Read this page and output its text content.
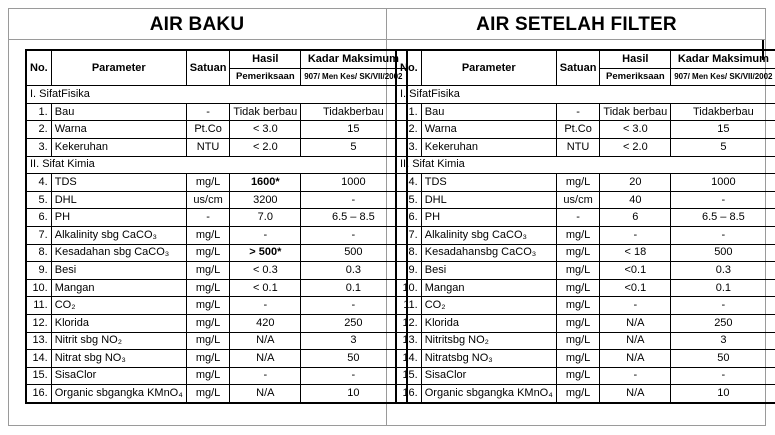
AIR BAKU	AIR SETELAH FILTER
No.	Parameter	Satuan	Hasil	Kadar Maksimum
			Pemeriksaan	907/ Men Kes/ SK/VII/2002
I. SifatFisika				
1.	Bau	-	Tidak berbau	Tidakberbau
2.	Warna	Pt.Co	< 3.0	15
3.	Kekeruhan	NTU	< 2.0	5
II. Sifat Kimia				
4.	TDS	mg/L	1600*	1000
5.	DHL	us/cm	3200	-
6.	PH	-	7.0	6.5 – 8.5
7.	Alkalinity sbg CaCO₃	mg/L	-	-
8.	Kesadahan sbg CaCO₃	mg/L	> 500*	500
9.	Besi	mg/L	< 0.3	0.3
10.	Mangan	mg/L	< 0.1	0.1
11.	CO₂	mg/L	-	-
12.	Klorida	mg/L	420	250
13.	Nitrit sbg NO₂	mg/L	N/A	3
14.	Nitrat sbg NO₃	mg/L	N/A	50
15.	SisaClor	mg/L	-	-
16.	Organic sbgangka KMnO₄	mg/L	N/A	10
No.	Parameter	Satuan	Hasil	Kadar Maksimum
			Pemeriksaan	907/ Men Kes/ SK/VII/2002
I. SifatFisika				
1.	Bau	-	Tidak berbau	Tidakberbau
2.	Warna	Pt.Co	< 3.0	15
3.	Kekeruhan	NTU	< 2.0	5
II. Sifat Kimia				
4.	TDS	mg/L	20	1000
5.	DHL	us/cm	40	-
6.	PH	-	6	6.5 – 8.5
7.	Alkalinity sbg CaCO₃	mg/L	-	-
8.	Kesadahansbg CaCO₃	mg/L	< 18	500
9.	Besi	mg/L	<0.1	0.3
10.	Mangan	mg/L	<0.1	0.1
11.	CO₂	mg/L	-	-
12.	Klorida	mg/L	N/A	250
13.	Nitritsbg NO₂	mg/L	N/A	3
14.	Nitratsbg NO₃	mg/L	N/A	50
15.	SisaClor	mg/L	-	-
16.	Organic sbgangka KMnO₄	mg/L	N/A	10
